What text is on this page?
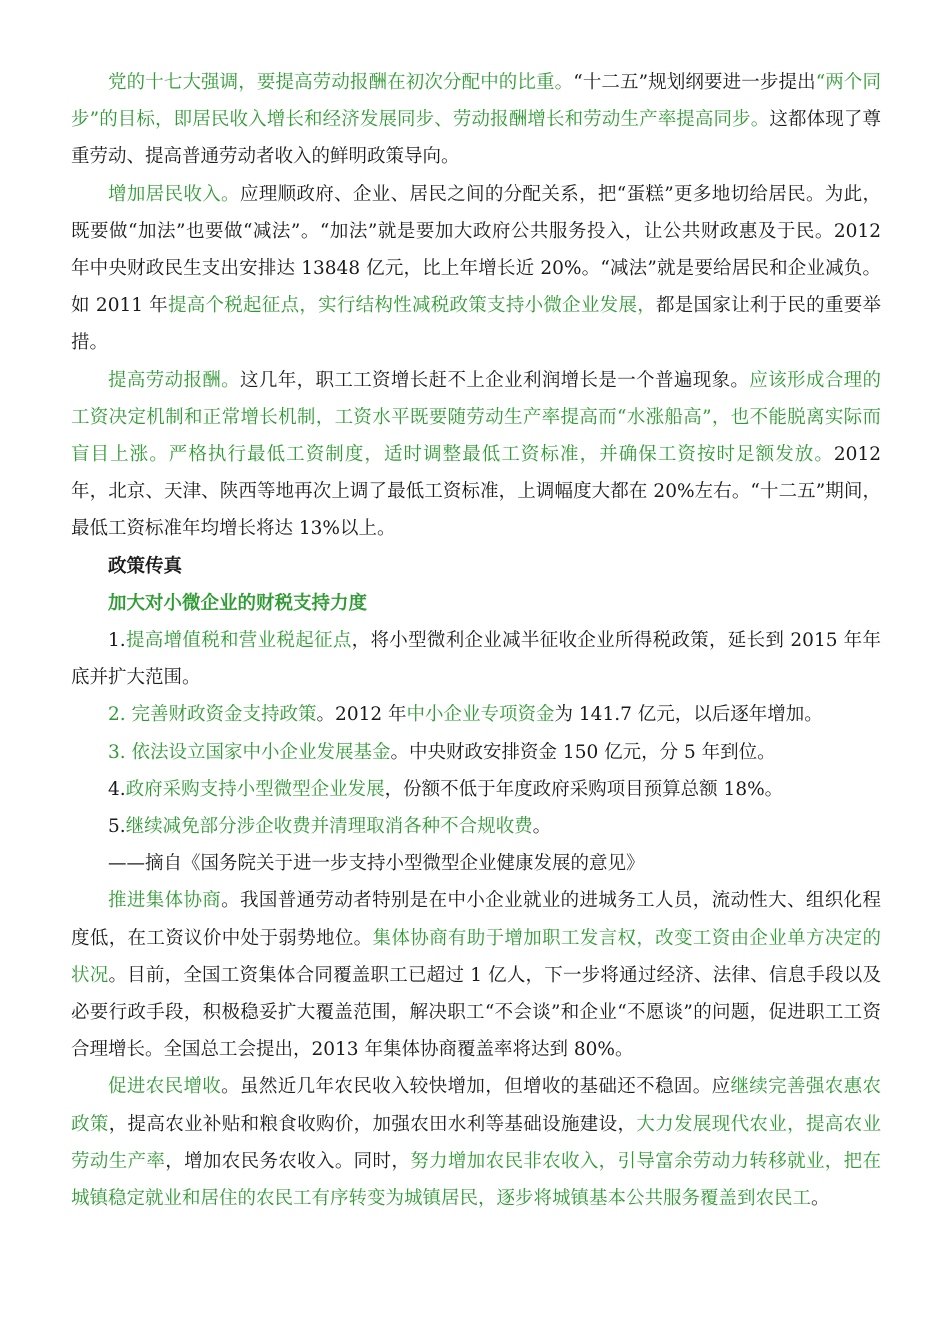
党的十七大强调，要提高劳动报酬在初次分配中的比重。“十二五”规划纲要进一步提出“两个同步”的目标，即居民收入增长和经济发展同步、劳动报酬增长和劳动生产率提高同步。这都体现了尊重劳动、提高普通劳动者收入的鲜明政策导向。

增加居民收入。应理顺政府、企业、居民之间的分配关系，把“蛋糕”更多地切给居民。为此，既要做“加法”也要做“减法”。“加法”就是要加大政府公共服务投入，让公共财政惠及于民。2012 年中央财政民生支出安排达 13848 亿元，比上年增长近 20%。“减法”就是要给居民和企业减负。如 2011 年提高个税起征点，实行结构性减税政策支持小微企业发展，都是国家让利于民的重要举措。

提高劳动报酬。这几年，职工工资增长赶不上企业利润增长是一个普遍现象。应该形成合理的工资决定机制和正常增长机制，工资水平既要随劳动生产率提高而“水涨船高”，也不能脱离实际而盲目上涨。严格执行最低工资制度，适时调整最低工资标准，并确保工资按时足额发放。2012 年，北京、天津、陕西等地再次上调了最低工资标准，上调幅度大都在 20%左右。“十二五”期间，最低工资标准年均增长将达 13%以上。

政策传真

加大对小微企业的财税支持力度

1.提高增值税和营业税起征点，将小型微利企业减半征收企业所得税政策，延长到 2015 年年底并扩大范围。

2. 完善财政资金支持政策。2012 年中小企业专项资金为 141.7 亿元，以后逐年增加。

3. 依法设立国家中小企业发展基金。中央财政安排资金 150 亿元，分 5 年到位。

4.政府采购支持小型微型企业发展，份额不低于年度政府采购项目预算总额 18%。

5.继续减免部分涉企收费并清理取消各种不合规收费。

——摘自《国务院关于进一步支持小型微型企业健康发展的意见》

推进集体协商。我国普通劳动者特别是在中小企业就业的进城务工人员，流动性大、组织化程度低，在工资议价中处于弱势地位。集体协商有助于增加职工发言权，改变工资由企业单方决定的状况。目前，全国工资集体合同覆盖职工已超过 1 亿人，下一步将通过经济、法律、信息手段以及必要行政手段，积极稳妥扩大覆盖范围，解决职工“不会谈”和企业“不愿谈”的问题，促进职工工资合理增长。全国总工会提出，2013 年集体协商覆盖率将达到 80%。

促进农民增收。虽然近几年农民收入较快增加，但增收的基础还不稳固。应继续完善强农惠农政策，提高农业补贴和粮食收购价，加强农田水利等基础设施建设，大力发展现代农业，提高农业劳动生产率，增加农民务农收入。同时，努力增加农民非农收入，引导富余劳动力转移就业，把在城镇稳定就业和居住的农民工有序转变为城镇居民，逐步将城镇基本公共服务覆盖到农民工。
